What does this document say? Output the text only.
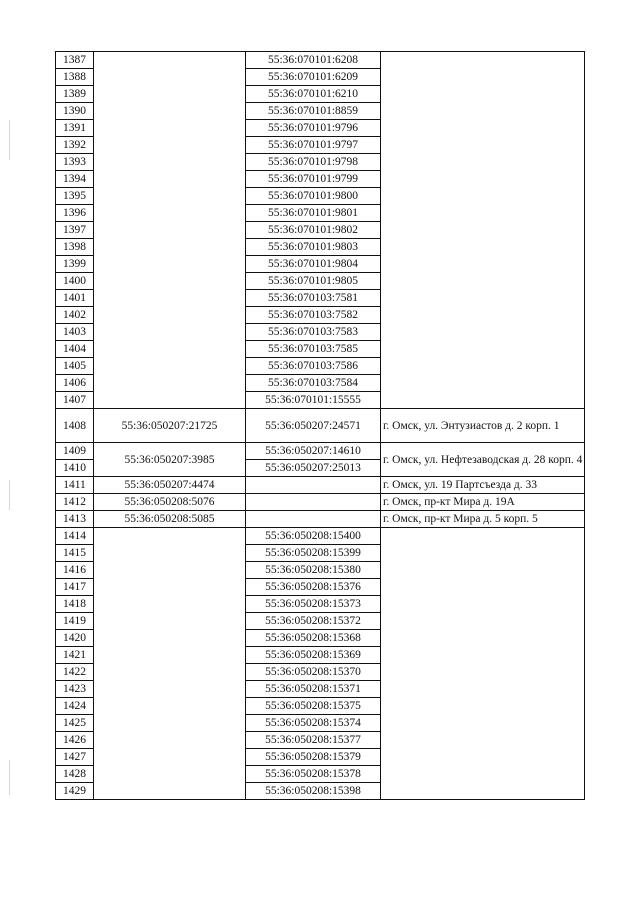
1387		55:36:070101:6208	
1388		55:36:070101:6209	
1389		55:36:070101:6210	
1390		55:36:070101:8859	
1391		55:36:070101:9796	
1392		55:36:070101:9797	
1393		55:36:070101:9798	
1394		55:36:070101:9799	
1395		55:36:070101:9800	
1396		55:36:070101:9801	
1397		55:36:070101:9802	
1398		55:36:070101:9803	
1399		55:36:070101:9804	
1400		55:36:070101:9805	
1401		55:36:070103:7581	
1402		55:36:070103:7582	
1403		55:36:070103:7583	
1404		55:36:070103:7585	
1405		55:36:070103:7586	
1406		55:36:070103:7584	
1407		55:36:070101:15555	
1408	55:36:050207:21725	55:36:050207:24571	г. Омск, ул. Энтузиастов д. 2 корп. 1
1409	55:36:050207:3985	55:36:050207:14610	г. Омск, ул. Нефтезаводская д. 28 корп. 4
1410		55:36:050207:25013	
1411	55:36:050207:4474		г. Омск, ул. 19 Партсъезда д. 33
1412	55:36:050208:5076		г. Омск, пр-кт Мира д. 19А
1413	55:36:050208:5085		г. Омск, пр-кт Мира д. 5 корп. 5
1414		55:36:050208:15400	
1415		55:36:050208:15399	
1416		55:36:050208:15380	
1417		55:36:050208:15376	
1418		55:36:050208:15373	
1419		55:36:050208:15372	
1420		55:36:050208:15368	
1421		55:36:050208:15369	
1422		55:36:050208:15370	
1423		55:36:050208:15371	
1424		55:36:050208:15375	
1425		55:36:050208:15374	
1426		55:36:050208:15377	
1427		55:36:050208:15379	
1428		55:36:050208:15378	
1429		55:36:050208:15398	
